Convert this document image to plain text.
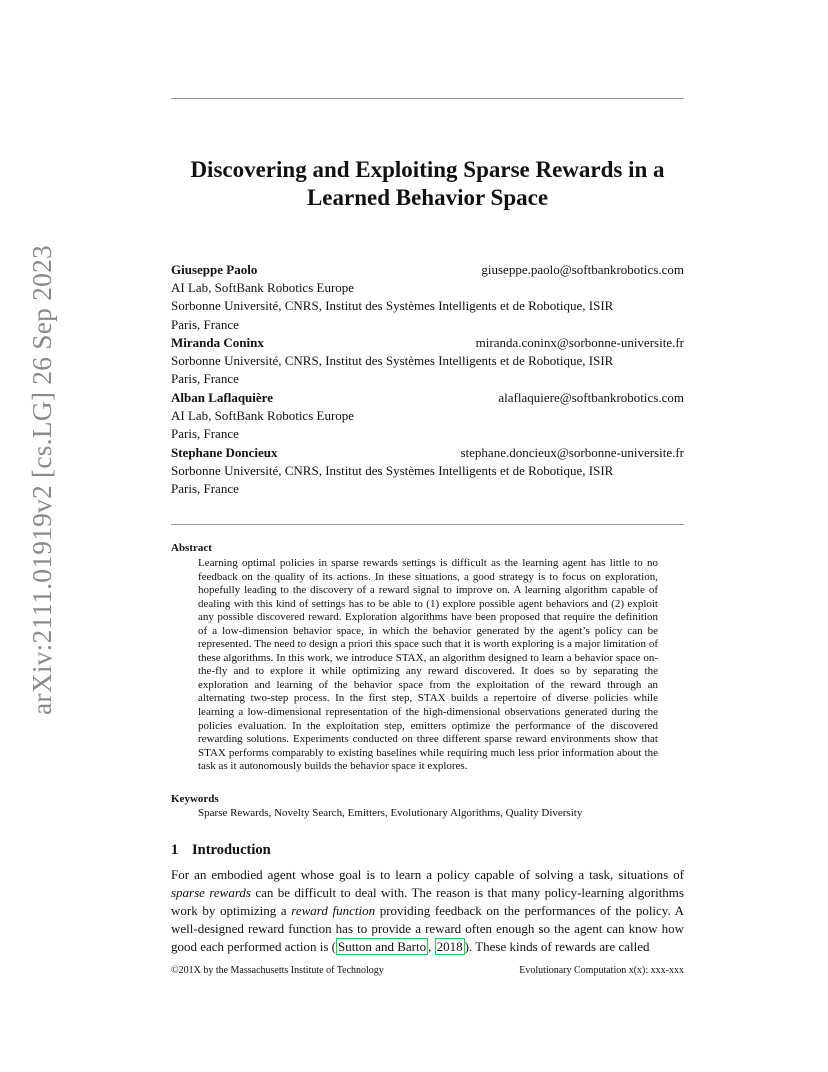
arXiv:2111.01919v2 [cs.LG] 26 Sep 2023
Discovering and Exploiting Sparse Rewards in a
Learned Behavior Space
Giuseppe Paolo	giuseppe.paolo@softbankrobotics.com
AI Lab, SoftBank Robotics Europe
Sorbonne Université, CNRS, Institut des Systèmes Intelligents et de Robotique, ISIR
Paris, France
Miranda Coninx	miranda.coninx@sorbonne-universite.fr
Sorbonne Université, CNRS, Institut des Systèmes Intelligents et de Robotique, ISIR
Paris, France
Alban Laflaquière	alaflaquiere@softbankrobotics.com
AI Lab, SoftBank Robotics Europe
Paris, France
Stephane Doncieux	stephane.doncieux@sorbonne-universite.fr
Sorbonne Université, CNRS, Institut des Systèmes Intelligents et de Robotique, ISIR
Paris, France

Abstract

Learning optimal policies in sparse rewards settings is difficult as the learning agent has little to no feedback on the quality of its actions. In these situations, a good strategy is to focus on exploration, hopefully leading to the discovery of a reward signal to improve on. A learning algorithm capable of dealing with this kind of settings has to be able to (1) explore possible agent behaviors and (2) exploit any possible discovered reward. Exploration algorithms have been proposed that require the definition of a low-dimension behavior space, in which the behavior generated by the agent’s policy can be represented. The need to design a priori this space such that it is worth exploring is a major limitation of these algorithms. In this work, we introduce STAX, an algorithm designed to learn a behavior space on-the-fly and to explore it while optimizing any reward discovered. It does so by separating the exploration and learning of the behavior space from the exploitation of the reward through an alternating two-step process. In the first step, STAX builds a repertoire of diverse policies while learning a low-dimensional representation of the high-dimensional observations generated during the policies evaluation. In the exploitation step, emitters optimize the performance of the discovered rewarding solutions. Experiments conducted on three different sparse reward environments show that STAX performs comparably to existing baselines while requiring much less prior information about the task as it autonomously builds the behavior space it explores.

Keywords

Sparse Rewards, Novelty Search, Emitters, Evolutionary Algorithms, Quality Diversity

1 Introduction

For an embodied agent whose goal is to learn a policy capable of solving a task, situations of sparse rewards can be difficult to deal with. The reason is that many policy-learning algorithms work by optimizing a reward function providing feedback on the performances of the policy. A well-designed reward function has to provide a reward often enough so the agent can know how good each performed action is ( Sutton and Barto , 2018 ). These kinds of rewards are called

©201X by the Massachusetts Institute of Technology	Evolutionary Computation x(x): xxx-xxx
